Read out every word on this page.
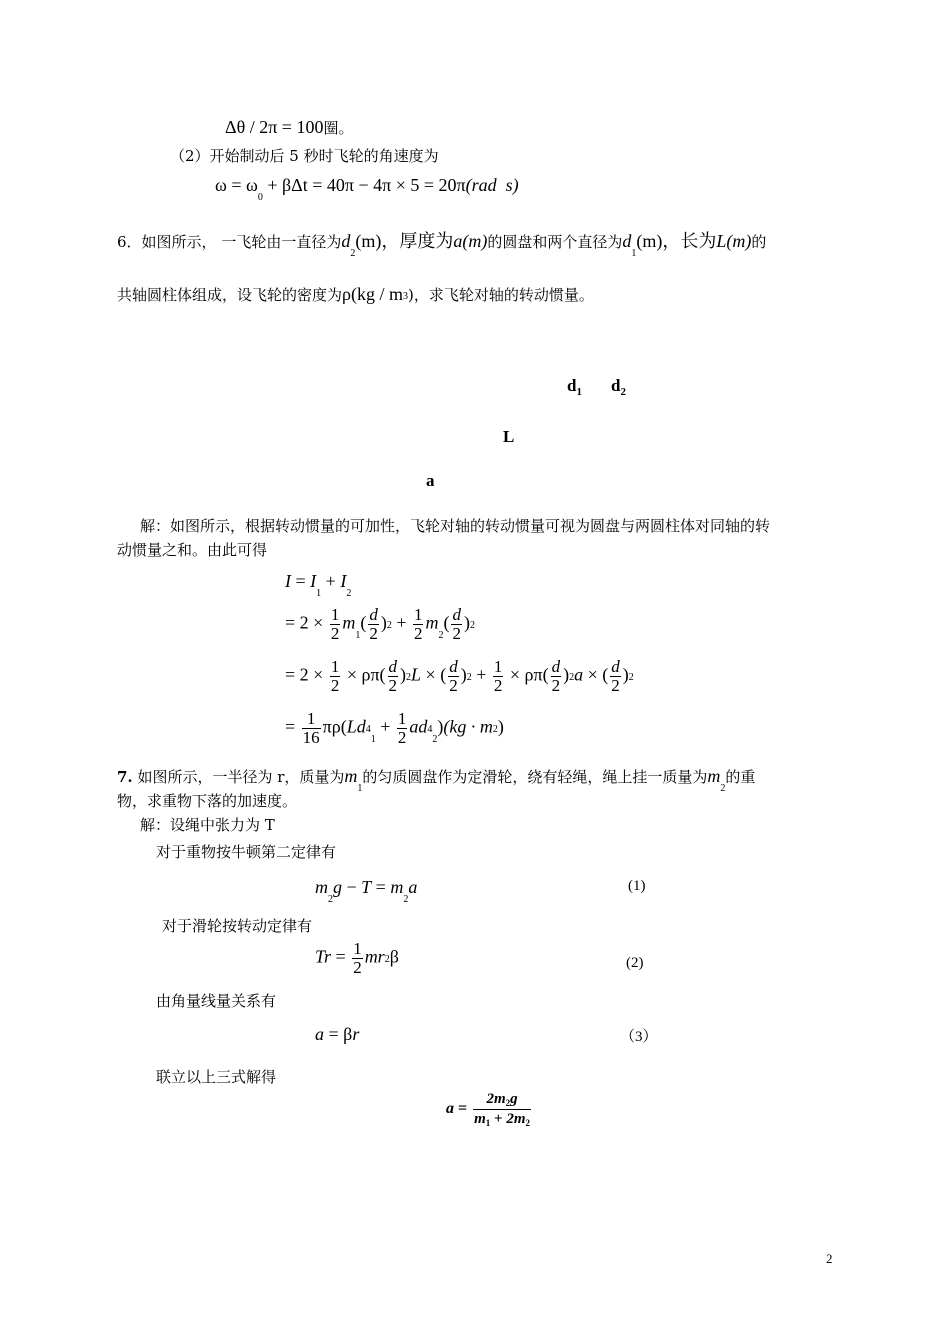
Δθ / 2π = 100圈。
（2）开始制动后 5 秒时飞轮的角速度为
$\omega = \omega_0 + \beta\Delta t = 40\pi - 4\pi \times 5 = 20\pi(rad$  s)
6．如图所示， 一飞轮由一直径为$d_2(m)$，厚度为a(m)的圆盘和两个直径为$d_1(m)$，长为L(m)的
共轴圆柱体组成，设飞轮的密度为ρ(kg / m3)，求飞轮对轴的转动惯量。
$d_1$ $d_2$
L
a
解：如图所示，根据转动惯量的可加性，飞轮对轴的转动惯量可视为圆盘与两圆柱体对同轴的转
动惯量之和。由此可得
$I = I_1 + I_2$
= $2 \times \frac{1}{2} m_1( \frac{d}{2} )2 + \frac{1}{2} m_2( \frac{d}{2} )2$
= $2 \times \frac{1}{2} \times \rho\pi( \frac{d}{2} )2L$ × ( $\frac{d}{2} )2 + \frac{1}{2} \times \rho\pi( \frac{d}{2} )2a$ × ( $\frac{d}{2} )2$
= $\frac{1}{16} \pi\rho(Ld4_1 + \frac{1}{2} ad4_2)(kg \cdot m2)$
7. 如图所示，一半径为 r，质量为$m_1$的匀质圆盘作为定滑轮，绕有轻绳，绳上挂一质量为$m_2$的重
物，求重物下落的加速度。
解：设绳中张力为 T
对于重物按牛顿第二定律有
$m_2g - T = m_2a$	(1)
对于滑轮按转动定律有
$Tr = \frac{1}{2} mr2\beta$	(2)
由角量线量关系有
a = βr	（3）
联立以上三式解得
$a = \frac{2m_2g}{m_1 + 2m_2}$
2
